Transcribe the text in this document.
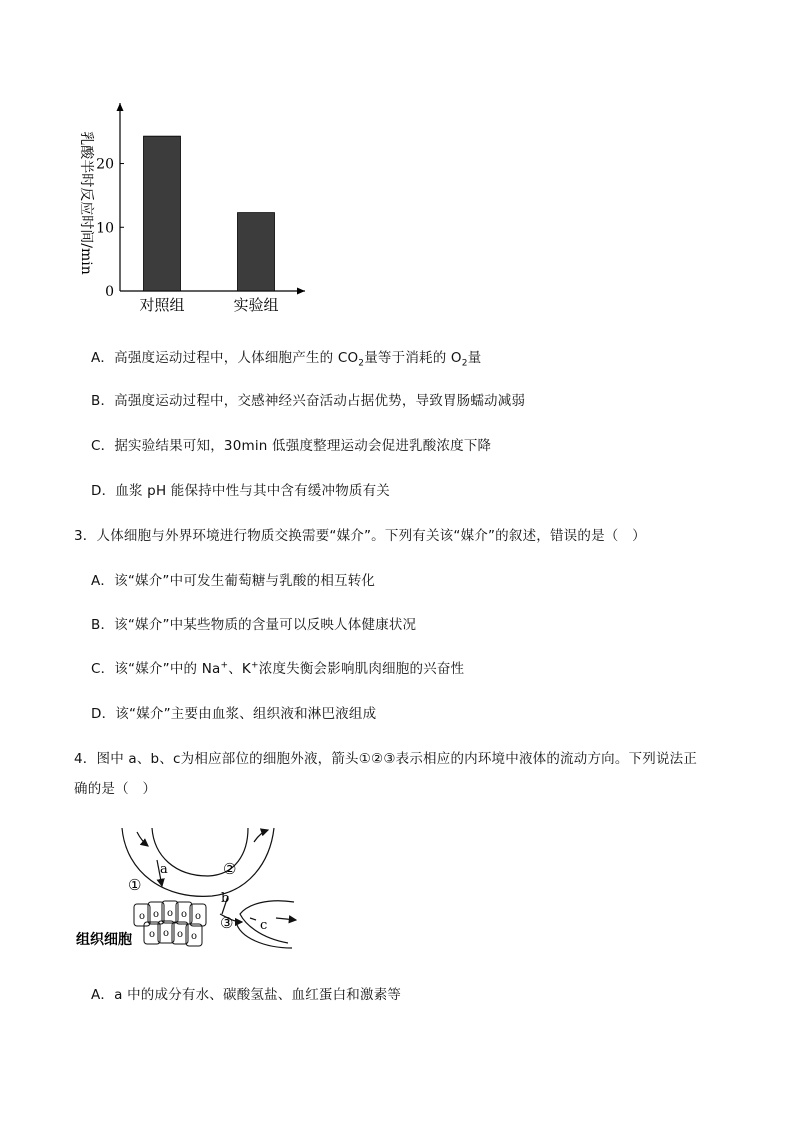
0
10
20
对照组	实验组
乳酸半时反应时间/min
A．高强度运动过程中，人体细胞产生的 $CO_2$量等于消耗的 $O_2$量
B．高强度运动过程中，交感神经兴奋活动占据优势，导致胃肠蠕动减弱
C．据实验结果可知，30min 低强度整理运动会促进乳酸浓度下降
D．血浆 pH 能保持中性与其中含有缓冲物质有关
3．人体细胞与外界环境进行物质交换需要“媒介”。下列有关该“媒介”的叙述，错误的是（　）
A．该“媒介”中可发生葡萄糖与乳酸的相互转化
B．该“媒介”中某些物质的含量可以反映人体健康状况
C．该“媒介”中的 Na+、K+浓度失衡会影响肌肉细胞的兴奋性
D．该“媒介”主要由血浆、组织液和淋巴液组成
4．图中 a、b、c为相应部位的细胞外液，箭头①②③表示相应的内环境中液体的流动方向。下列说法正
确的是（　）
o o o o o
o o o o
a
b
c
①
②
③
组织细胞
A．a 中的成分有水、碳酸氢盐、血红蛋白和激素等
